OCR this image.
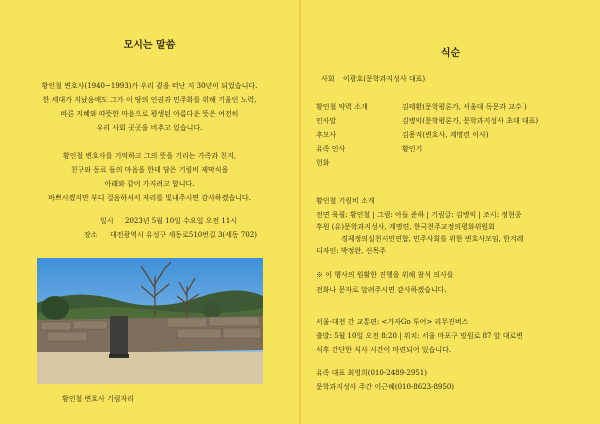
모시는 말씀
황인철 변호사(1940~1993)가 우리 곁을 떠난 지 30년이 되었습니다.
한 세대가 지났음에도 그가 이 땅의 인권과 민주화를 위해 기울인 노력,
바른 지혜와 따뜻한 마음으로 평생된 아름다운 뜻은 여전히
우리 사회 곳곳을 비추고 있습니다.
황인철 변호사를 기억하고 그의 뜻을 기리는 가족과 친지,
친구와 동료 들의 마음을 한데 담은 기림비 제막식을
아래와 같이 가지려고 합니다.
바쁘시겠지만 부디 걸음하셔서 자리를 빛내주시면 감사하겠습니다.
일시 2023년 5월 10일 수요일 오전 11시
장소 대전광역시 유성구 세동로510번길 3(세동 702)
황인철 변호사 기림자리
식순
사회 이광호(문학과지성사 대표)
황인철 약력 소개	김태환(문학평론가, 서울대 독문과 교수 )
인사말	김병익(문학평론가, 문학과지성사 초대 대표)
추모사	김용직(변호사, 계명련 이사)
유족 인사	황인기
헌화
황인철 기림비 소개
전면 육필: 황인철 | 그림: 아들 준하 | 기림글: 김병익 | 조시: 정현종
후원 (유)문학과지성사, 계명련, 한국천주교정의평화위원회
경제정의실천시민연합, 민주사회를 위한 변호사모임, 한겨레
디자인: 박정완, 신목주
※ 이 행사의 원활한 진행을 위해 참석 의사를
전화나 문자로 알려주시면 감사하겠습니다.
서울-대전 간 교통편: <가자Go 투어> 리무진버스
출발: 5월 10일 오전 8:20 | 위치: 서울 마포구 망원로 87 앞 대로변
식후 간단한 식사 시간이 마련되어 있습니다.
유족 대표 최영희(010-2489-2951)
문학과지성사 주간 이근혜(010-8623-8950)
